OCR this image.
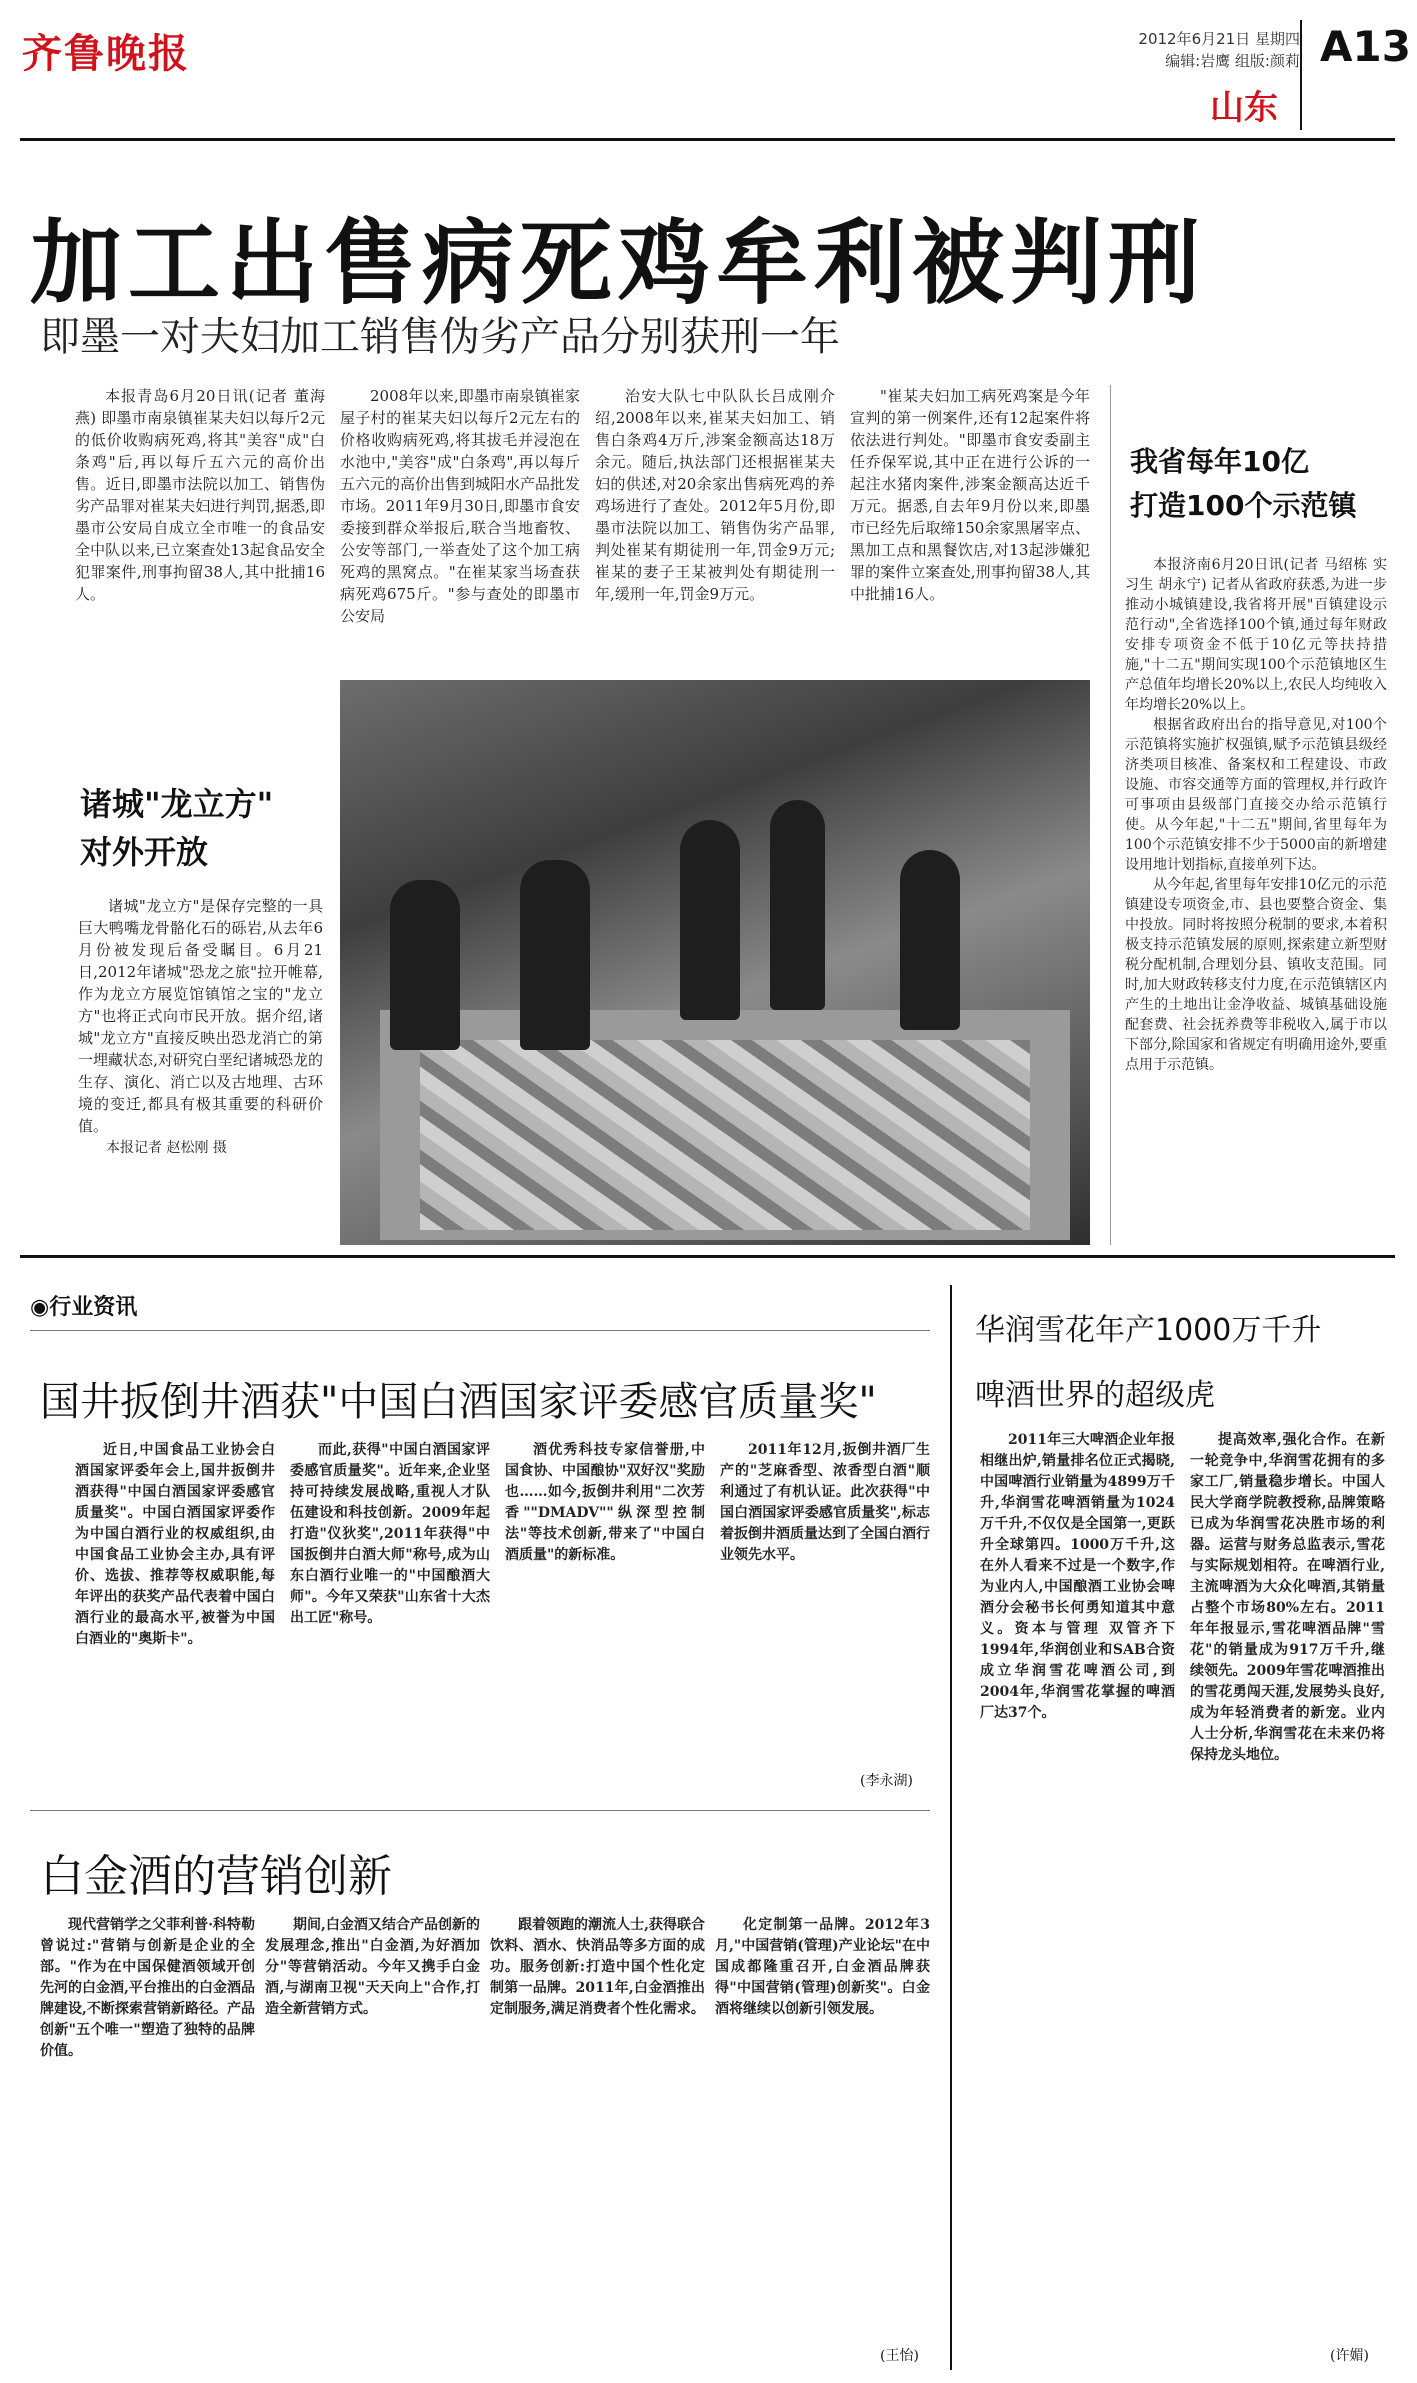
齐鲁晚报	2012年6月21日 星期四
编辑:岩鹰 组版:颜莉 A13
山东
加工出售病死鸡牟利被判刑
即墨一对夫妇加工销售伪劣产品分别获刑一年

本报青岛6月20日讯(记者 董海燕) 即墨市南泉镇崔某夫妇以每斤2元的低价收购病死鸡,将其"美容"成"白条鸡"后,再以每斤五六元的高价出售。近日,即墨市法院以加工、销售伪劣产品罪对崔某夫妇进行判罚,据悉,即墨市公安局自成立全市唯一的食品安全中队以来,已立案查处13起食品安全犯罪案件,刑事拘留38人,其中批捕16人。

2008年以来,即墨市南泉镇崔家屋子村的崔某夫妇以每斤2元左右的价格收购病死鸡,将其拔毛并浸泡在水池中,"美容"成"白条鸡",再以每斤五六元的高价出售到城阳水产品批发市场。2011年9月30日,即墨市食安委接到群众举报后,联合当地畜牧、公安等部门,一举查处了这个加工病死鸡的黑窝点。"在崔某家当场查获病死鸡675斤。"参与查处的即墨市公安局

治安大队七中队队长吕成刚介绍,2008年以来,崔某夫妇加工、销售白条鸡4万斤,涉案金额高达18万余元。随后,执法部门还根据崔某夫妇的供述,对20余家出售病死鸡的养鸡场进行了查处。2012年5月份,即墨市法院以加工、销售伪劣产品罪,判处崔某有期徒刑一年,罚金9万元;崔某的妻子王某被判处有期徒刑一年,缓刑一年,罚金9万元。

"崔某夫妇加工病死鸡案是今年宣判的第一例案件,还有12起案件将依法进行判处。"即墨市食安委副主任乔保军说,其中正在进行公诉的一起注水猪肉案件,涉案金额高达近千万元。据悉,自去年9月份以来,即墨市已经先后取缔150余家黑屠宰点、黑加工点和黑餐饮店,对13起涉嫌犯罪的案件立案查处,刑事拘留38人,其中批捕16人。

我省每年10亿
打造100个示范镇

本报济南6月20日讯(记者 马绍栋 实习生 胡永宁) 记者从省政府获悉,为进一步推动小城镇建设,我省将开展"百镇建设示范行动",全省选择100个镇,通过每年财政安排专项资金不低于10亿元等扶持措施,"十二五"期间实现100个示范镇地区生产总值年均增长20%以上,农民人均纯收入年均增长20%以上。

根据省政府出台的指导意见,对100个示范镇将实施扩权强镇,赋予示范镇县级经济类项目核准、备案权和工程建设、市政设施、市容交通等方面的管理权,并行政许可事项由县级部门直接交办给示范镇行使。从今年起,"十二五"期间,省里每年为100个示范镇安排不少于5000亩的新增建设用地计划指标,直接单列下达。

从今年起,省里每年安排10亿元的示范镇建设专项资金,市、县也要整合资金、集中投放。同时将按照分税制的要求,本着积极支持示范镇发展的原则,探索建立新型财税分配机制,合理划分县、镇收支范围。同时,加大财政转移支付力度,在示范镇辖区内产生的土地出让金净收益、城镇基础设施配套费、社会抚养费等非税收入,属于市以下部分,除国家和省规定有明确用途外,要重点用于示范镇。

诸城"龙立方"
对外开放

诸城"龙立方"是保存完整的一具巨大鸭嘴龙骨骼化石的砾岩,从去年6月份被发现后备受瞩目。6月21日,2012年诸城"恐龙之旅"拉开帷幕,作为龙立方展览馆镇馆之宝的"龙立方"也将正式向市民开放。据介绍,诸城"龙立方"直接反映出恐龙消亡的第一埋藏状态,对研究白垩纪诸城恐龙的生存、演化、消亡以及古地理、古环境的变迁,都具有极其重要的科研价值。

本报记者 赵松刚 摄

◉行业资讯
国井扳倒井酒获"中国白酒国家评委感官质量奖"

近日,中国食品工业协会白酒国家评委年会上,国井扳倒井酒获得"中国白酒国家评委感官质量奖"。中国白酒国家评委作为中国白酒行业的权威组织,由中国食品工业协会主办,具有评价、选拔、推荐等权威职能,每年评出的获奖产品代表着中国白酒行业的最高水平,被誉为中国白酒业的"奥斯卡"。

而此,获得"中国白酒国家评委感官质量奖"。近年来,企业坚持可持续发展战略,重视人才队伍建设和科技创新。2009年起打造"仪狄奖",2011年获得"中国扳倒井白酒大师"称号,成为山东白酒行业唯一的"中国酿酒大师"。今年又荣获"山东省十大杰出工匠"称号。

酒优秀科技专家信誉册,中国食协、中国酿协"双好汉"奖励也……如今,扳倒井利用"二次芳香""DMADV""纵深型控制法"等技术创新,带来了"中国白酒质量"的新标准。

2011年12月,扳倒井酒厂生产的"芝麻香型、浓香型白酒"顺利通过了有机认证。此次获得"中国白酒国家评委感官质量奖",标志着扳倒井酒质量达到了全国白酒行业领先水平。

(李永湖)
白金酒的营销创新

现代营销学之父菲利普·科特勒曾说过:"营销与创新是企业的全部。"作为在中国保健酒领域开创先河的白金酒,平台推出的白金酒品牌建设,不断探索营销新路径。产品创新"五个唯一"塑造了独特的品牌价值。

期间,白金酒又结合产品创新的发展理念,推出"白金酒,为好酒加分"等营销活动。今年又携手白金酒,与湖南卫视"天天向上"合作,打造全新营销方式。

跟着领跑的潮流人士,获得联合饮料、酒水、快消品等多方面的成功。服务创新:打造中国个性化定制第一品牌。2011年,白金酒推出定制服务,满足消费者个性化需求。

化定制第一品牌。2012年3月,"中国营销(管理)产业论坛"在中国成都隆重召开,白金酒品牌获得"中国营销(管理)创新奖"。白金酒将继续以创新引领发展。

(王怡)
华润雪花年产1000万千升
啤酒世界的超级虎

2011年三大啤酒企业年报相继出炉,销量排名位正式揭晓,中国啤酒行业销量为4899万千升,华润雪花啤酒销量为1024万千升,不仅仅是全国第一,更跃升全球第四。1000万千升,这在外人看来不过是一个数字,作为业内人,中国酿酒工业协会啤酒分会秘书长何勇知道其中意义。资本与管理 双管齐下 1994年,华润创业和SAB合资成立华润雪花啤酒公司,到2004年,华润雪花掌握的啤酒厂达37个。

提高效率,强化合作。在新一轮竞争中,华润雪花拥有的多家工厂,销量稳步增长。中国人民大学商学院教授称,品牌策略已成为华润雪花决胜市场的利器。运营与财务总监表示,雪花与实际规划相符。在啤酒行业,主流啤酒为大众化啤酒,其销量占整个市场80%左右。2011年年报显示,雪花啤酒品牌"雪花"的销量成为917万千升,继续领先。2009年雪花啤酒推出的雪花勇闯天涯,发展势头良好,成为年轻消费者的新宠。业内人士分析,华润雪花在未来仍将保持龙头地位。

(许媚)
